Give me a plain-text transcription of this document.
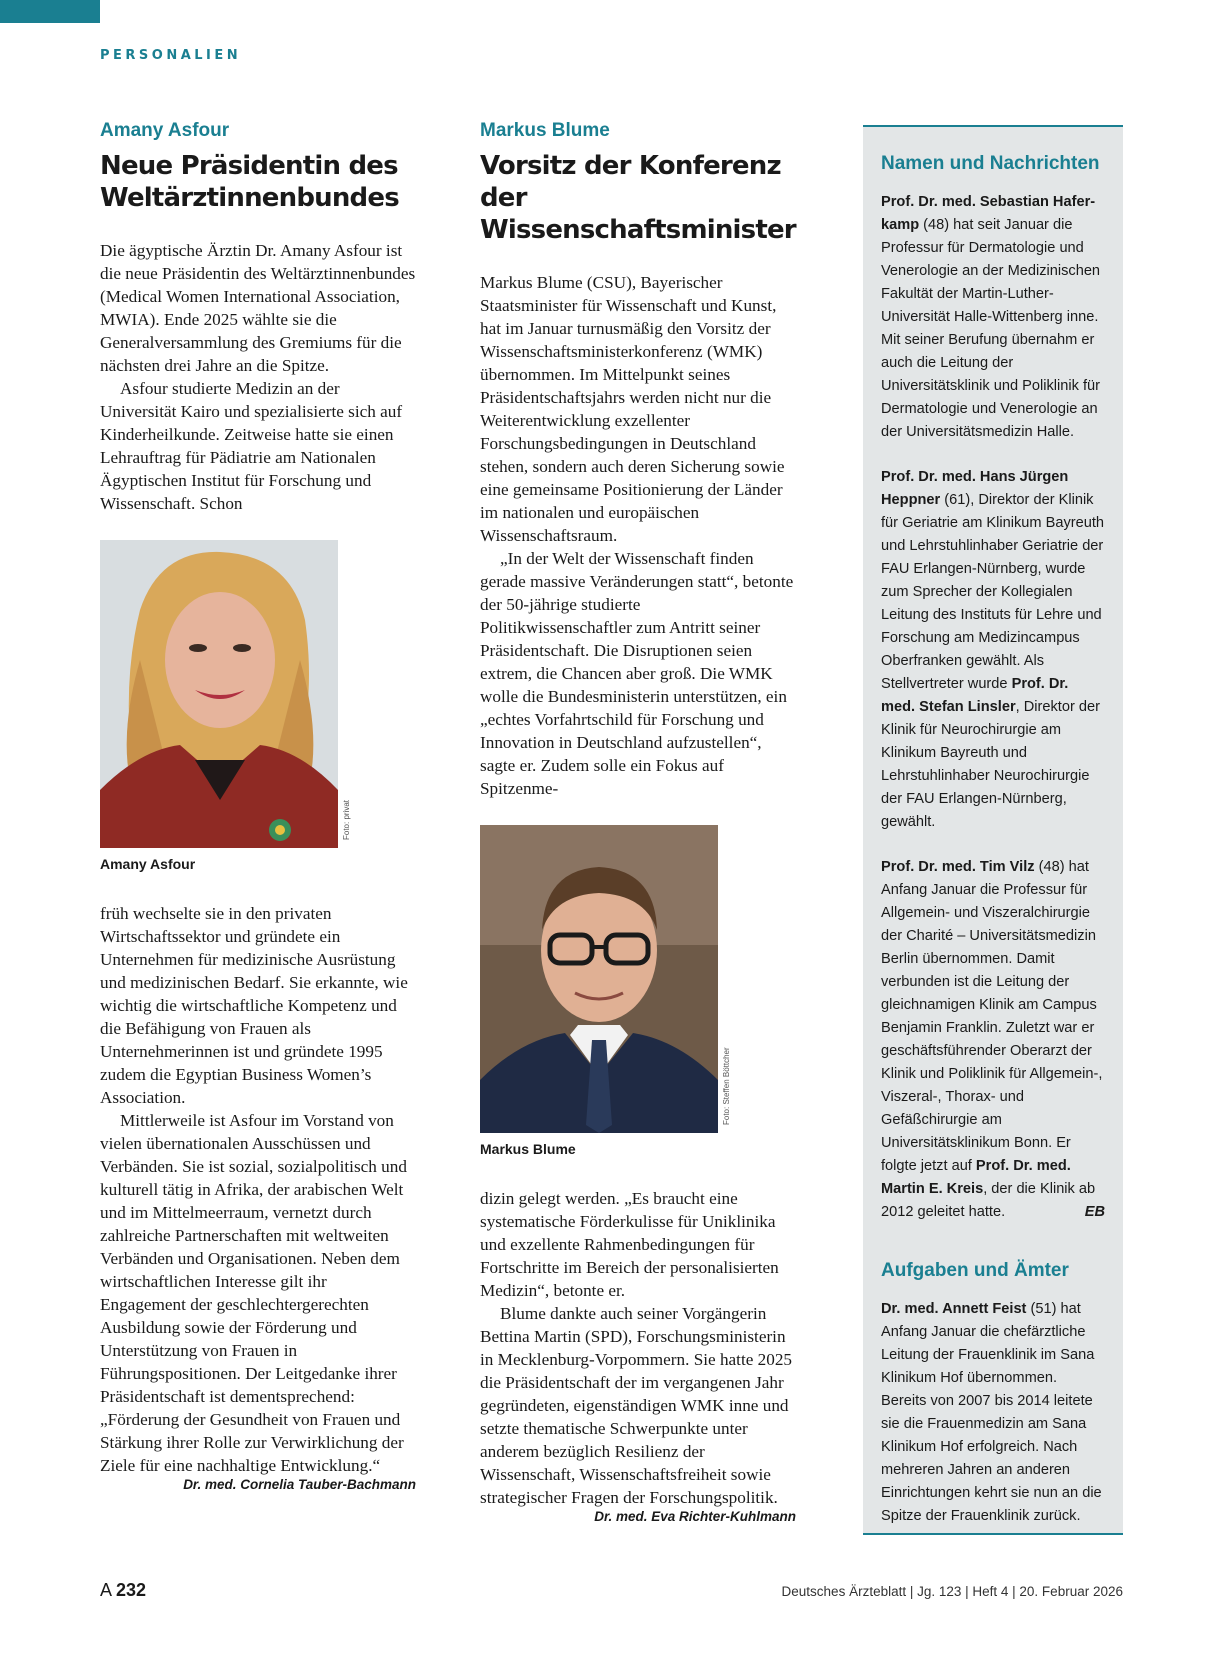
PERSONALIEN
Amany Asfour
Neue Präsidentin des Weltärztinnenbundes

Die ägyptische Ärztin Dr. Amany Asfour ist die neue Präsidentin des Weltärztinnenbundes (Medical Women International Association, MWIA). Ende 2025 wählte sie die Generalversammlung des Gremiums für die nächsten drei Jahre an die Spitze.

Asfour studierte Medizin an der Universität Kairo und spezialisierte sich auf Kinderheilkunde. Zeitweise hatte sie einen Lehrauftrag für Pädiatrie am Nationalen Ägyptischen Institut für Forschung und Wissenschaft. Schon

Foto: privat
Amany Asfour

früh wechselte sie in den privaten Wirtschaftssektor und gründete ein Unternehmen für medizinische Ausrüstung und medizinischen Bedarf. Sie erkannte, wie wichtig die wirtschaftliche Kompetenz und die Befähigung von Frauen als Unternehmerinnen ist und gründete 1995 zudem die Egyptian Business Women’s Association.

Mittlerweile ist Asfour im Vorstand von vielen übernationalen Ausschüssen und Verbänden. Sie ist sozial, sozialpolitisch und kulturell tätig in Afrika, der arabischen Welt und im Mittelmeerraum, vernetzt durch zahlreiche Partnerschaften mit weltweiten Verbänden und Organisationen. Neben dem wirtschaftlichen Interesse gilt ihr Engagement der geschlechtergerechten Ausbildung sowie der Förderung und Unterstützung von Frauen in Führungspositionen. Der Leitgedanke ihrer Präsidentschaft ist dementsprechend: „Förderung der Gesundheit von Frauen und Stärkung ihrer Rolle zur Verwirklichung der Ziele für eine nachhaltige Entwicklung.“

Dr. med. Cornelia Tauber-Bachmann
Markus Blume
Vorsitz der Konferenz der Wissenschaftsminister

Markus Blume (CSU), Bayerischer Staatsminister für Wissenschaft und Kunst, hat im Januar turnusmäßig den Vorsitz der Wissenschaftsministerkonferenz (WMK) übernommen. Im Mittelpunkt seines Präsidentschaftsjahrs werden nicht nur die Weiterentwicklung exzellenter Forschungsbedingungen in Deutschland stehen, sondern auch deren Sicherung sowie eine gemeinsame Positionierung der Länder im nationalen und europäischen Wissenschaftsraum.

„In der Welt der Wissenschaft finden gerade massive Veränderungen statt“, betonte der 50-jährige studierte Politikwissenschaftler zum Antritt seiner Präsidentschaft. Die Disruptionen seien extrem, die Chancen aber groß. Die WMK wolle die Bundesministerin unterstützen, ein „echtes Vorfahrtschild für Forschung und Innovation in Deutschland aufzustellen“, sagte er. Zudem solle ein Fokus auf Spitzenme-

Foto: Steffen Böttcher
Markus Blume

dizin gelegt werden. „Es braucht eine systematische Förderkulisse für Uniklinika und exzellente Rahmenbedingungen für Fortschritte im Bereich der personalisierten Medizin“, betonte er.

Blume dankte auch seiner Vorgängerin Bettina Martin (SPD), Forschungsministerin in Mecklenburg-Vorpommern. Sie hatte 2025 die Präsidentschaft der im vergangenen Jahr gegründeten, eigenständigen WMK inne und setzte thematische Schwerpunkte unter anderem bezüglich Resilienz der Wissenschaft, Wissenschaftsfreiheit sowie strategischer Fragen der Forschungspolitik.

Dr. med. Eva Richter-Kuhlmann
Namen und Nachrichten

Prof. Dr. med. Sebastian Haferkamp (48) hat seit Januar die Professur für Dermatologie und Venerologie an der Medizinischen Fakultät der Martin-Luther-Universität Halle-Wittenberg inne. Mit seiner Berufung übernahm er auch die Leitung der Universitätsklinik und Poliklinik für Dermatologie und Venerologie an der Universitätsmedizin Halle.

Prof. Dr. med. Hans Jürgen Heppner (61), Direktor der Klinik für Geriatrie am Klinikum Bayreuth und Lehrstuhlinhaber Geriatrie der FAU Erlangen-Nürnberg, wurde zum Sprecher der Kollegialen Leitung des Instituts für Lehre und Forschung am Medizincampus Oberfranken gewählt. Als Stellvertreter wurde Prof. Dr. med. Stefan Linsler, Direktor der Klinik für Neurochirurgie am Klinikum Bayreuth und Lehrstuhlinhaber Neurochirurgie der FAU Erlangen-Nürnberg, gewählt.

Prof. Dr. med. Tim Vilz (48) hat Anfang Januar die Professur für Allgemein- und Viszeralchirurgie der Charité – Universitätsmedizin Berlin übernommen. Damit verbunden ist die Leitung der gleichnamigen Klinik am Campus Benjamin Franklin. Zuletzt war er geschäftsführender Oberarzt der Klinik und Poliklinik für Allgemein-, Viszeral-, Thorax- und Gefäßchirurgie am Universitätsklinikum Bonn. Er folgte jetzt auf Prof. Dr. med. Martin E. Kreis, der die Klinik ab 2012 geleitet hatte.	EB

Aufgaben und Ämter

Dr. med. Annett Feist (51) hat Anfang Januar die chefärztliche Leitung der Frauenklinik im Sana Klinikum Hof übernommen. Bereits von 2007 bis 2014 leitete sie die Frauenmedizin am Sana Klinikum Hof erfolgreich. Nach mehreren Jahren an anderen Einrichtungen kehrt sie nun an die Spitze der Frauenklinik zurück.

A 232	Deutsches Ärzteblatt | Jg. 123 | Heft 4 | 20. Februar 2026
